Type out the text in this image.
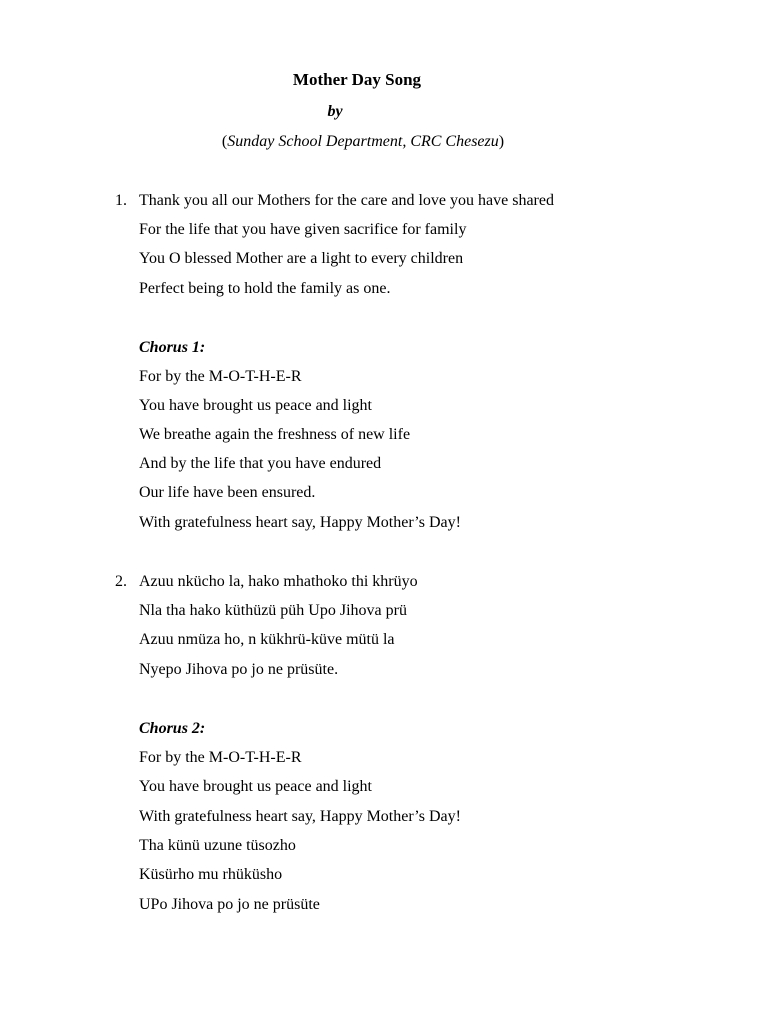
Mother Day Song
by
(Sunday School Department, CRC Chesezu)
1. Thank you all our Mothers for the care and love you have shared
For the life that you have given sacrifice for family
You O blessed Mother are a light to every children
Perfect being to hold the family as one.
Chorus 1:
For by the M-O-T-H-E-R
You have brought us peace and light
We breathe again the freshness of new life
And by the life that you have endured
Our life have been ensured.
With gratefulness heart say, Happy Mother’s Day!
2. Azuu nkücho la, hako mhathoko thi khrüyo
Nla tha hako küthüzü püh Upo Jihova prü
Azuu nmüza ho, n kükhrü-küve mütü la
Nyepo Jihova po jo ne prüsüte.
Chorus 2:
For by the M-O-T-H-E-R
You have brought us peace and light
With gratefulness heart say, Happy Mother’s Day!
Tha künü uzune tüsozho
Küsürho mu rhüküsho
UPo Jihova po jo ne prüsüte
